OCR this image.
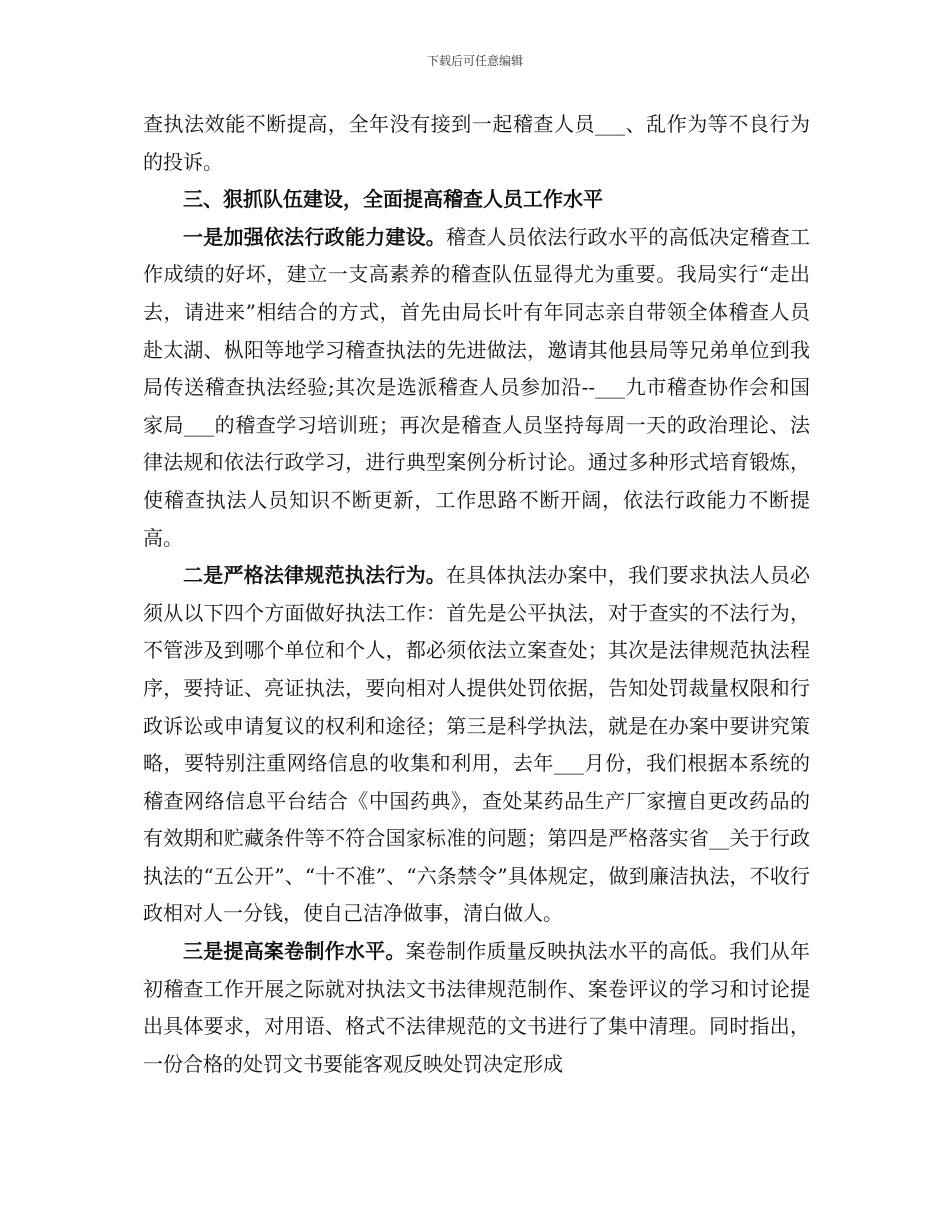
下载后可任意编辑

查执法效能不断提高，全年没有接到一起稽查人员___、乱作为等不良行为的投诉。

三、狠抓队伍建设，全面提高稽查人员工作水平

一是加强依法行政能力建设。稽查人员依法行政水平的高低决定稽查工作成绩的好坏，建立一支高素养的稽查队伍显得尤为重要。我局实行“走出去，请进来”相结合的方式，首先由局长叶有年同志亲自带领全体稽查人员赴太湖、枞阳等地学习稽查执法的先进做法，邀请其他县局等兄弟单位到我局传送稽查执法经验;其次是选派稽查人员参加沿--___九市稽查协作会和国家局___的稽查学习培训班；再次是稽查人员坚持每周一天的政治理论、法律法规和依法行政学习，进行典型案例分析讨论。通过多种形式培育锻炼，使稽查执法人员知识不断更新，工作思路不断开阔，依法行政能力不断提高。

二是严格法律规范执法行为。在具体执法办案中，我们要求执法人员必须从以下四个方面做好执法工作：首先是公平执法，对于查实的不法行为，不管涉及到哪个单位和个人，都必须依法立案查处；其次是法律规范执法程序，要持证、亮证执法，要向相对人提供处罚依据，告知处罚裁量权限和行政诉讼或申请复议的权利和途径；第三是科学执法，就是在办案中要讲究策略，要特别注重网络信息的收集和利用，去年___月份，我们根据本系统的稽查网络信息平台结合《中国药典》，查处某药品生产厂家擅自更改药品的有效期和贮藏条件等不符合国家标准的问题；第四是严格落实省__关于行政执法的“五公开”、“十不准”、“六条禁令”具体规定，做到廉洁执法，不收行政相对人一分钱，使自己洁净做事，清白做人。

三是提高案卷制作水平。案卷制作质量反映执法水平的高低。我们从年初稽查工作开展之际就对执法文书法律规范制作、案卷评议的学习和讨论提出具体要求，对用语、格式不法律规范的文书进行了集中清理。同时指出，一份合格的处罚文书要能客观反映处罚决定形成
